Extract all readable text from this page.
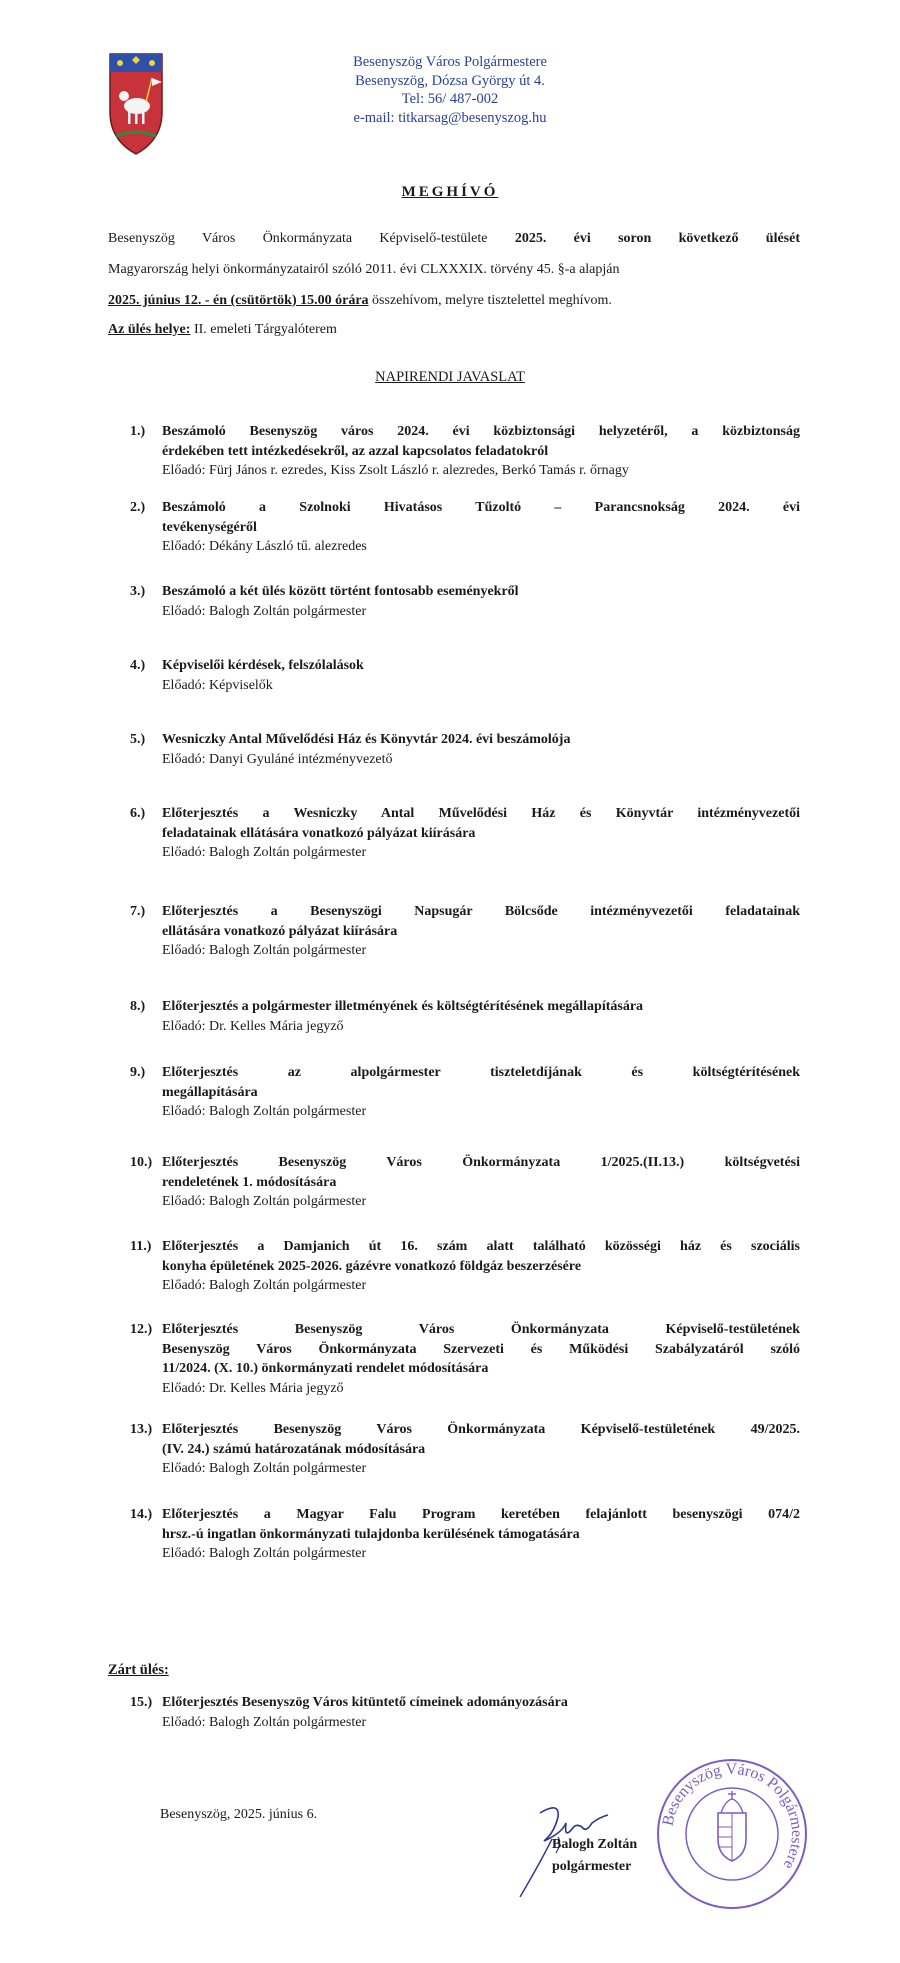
Besenyszög Város Polgármestere
Besenyszög, Dózsa György út 4.
Tel: 56/ 487-002
e-mail: titkarsag@besenyszog.hu
MEGHÍVÓ
Besenyszög Város Önkormányzata Képviselő-testülete 2025. évi soron következő ülését
Magyarország helyi önkormányzatairól szóló 2011. évi CLXXXIX. törvény 45. §-a alapján
2025. június 12. - én (csütörtök) 15.00 órára összehívom, melyre tisztelettel meghívom.
Az ülés helye: II. emeleti Tárgyalóterem
NAPIRENDI JAVASLAT
1.) Beszámoló Besenyszög város 2024. évi közbiztonsági helyzetéről, a közbiztonság
érdekében tett intézkedésekről, az azzal kapcsolatos feladatokról
Előadó: Fürj János r. ezredes, Kiss Zsolt László r. alezredes, Berkó Tamás r. őrnagy
2.) Beszámoló a Szolnoki Hivatásos Tűzoltó – Parancsnokság 2024. évi
tevékenységéről
Előadó: Dékány László tű. alezredes
3.) Beszámoló a két ülés között történt fontosabb eseményekről
Előadó: Balogh Zoltán polgármester
4.) Képviselői kérdések, felszólalások
Előadó: Képviselők
5.) Wesniczky Antal Művelődési Ház és Könyvtár 2024. évi beszámolója
Előadó: Danyi Gyuláné intézményvezető
6.) Előterjesztés a Wesniczky Antal Művelődési Ház és Könyvtár intézményvezetői
feladatainak ellátására vonatkozó pályázat kiírására
Előadó: Balogh Zoltán polgármester
7.) Előterjesztés a Besenyszögi Napsugár Bölcsőde intézményvezetői feladatainak
ellátására vonatkozó pályázat kiírására
Előadó: Balogh Zoltán polgármester
8.) Előterjesztés a polgármester illetményének és költségtérítésének megállapítására
Előadó: Dr. Kelles Mária jegyző
9.) Előterjesztés az alpolgármester tiszteletdíjának és költségtérítésének
megállapítására
Előadó: Balogh Zoltán polgármester
10.) Előterjesztés Besenyszög Város Önkormányzata 1/2025.(II.13.) költségvetési
rendeletének 1. módosítására
Előadó: Balogh Zoltán polgármester
11.) Előterjesztés a Damjanich út 16. szám alatt található közösségi ház és szociális
konyha épületének 2025-2026. gázévre vonatkozó földgáz beszerzésére
Előadó: Balogh Zoltán polgármester
12.) Előterjesztés Besenyszög Város Önkormányzata Képviselő-testületének
Besenyszög Város Önkormányzata Szervezeti és Működési Szabályzatáról szóló
11/2024. (X. 10.) önkormányzati rendelet módosítására
Előadó: Dr. Kelles Mária jegyző
13.) Előterjesztés Besenyszög Város Önkormányzata Képviselő-testületének 49/2025.
(IV. 24.) számú határozatának módosítására
Előadó: Balogh Zoltán polgármester
14.) Előterjesztés a Magyar Falu Program keretében felajánlott besenyszögi 074/2
hrsz.-ú ingatlan önkormányzati tulajdonba kerülésének támogatására
Előadó: Balogh Zoltán polgármester
Zárt ülés:
15.) Előterjesztés Besenyszög Város kitüntető címeinek adományozására
Előadó: Balogh Zoltán polgármester
Besenyszög, 2025. június 6.
Balogh Zoltán
polgármester
Besenyszög Város Polgármestere
